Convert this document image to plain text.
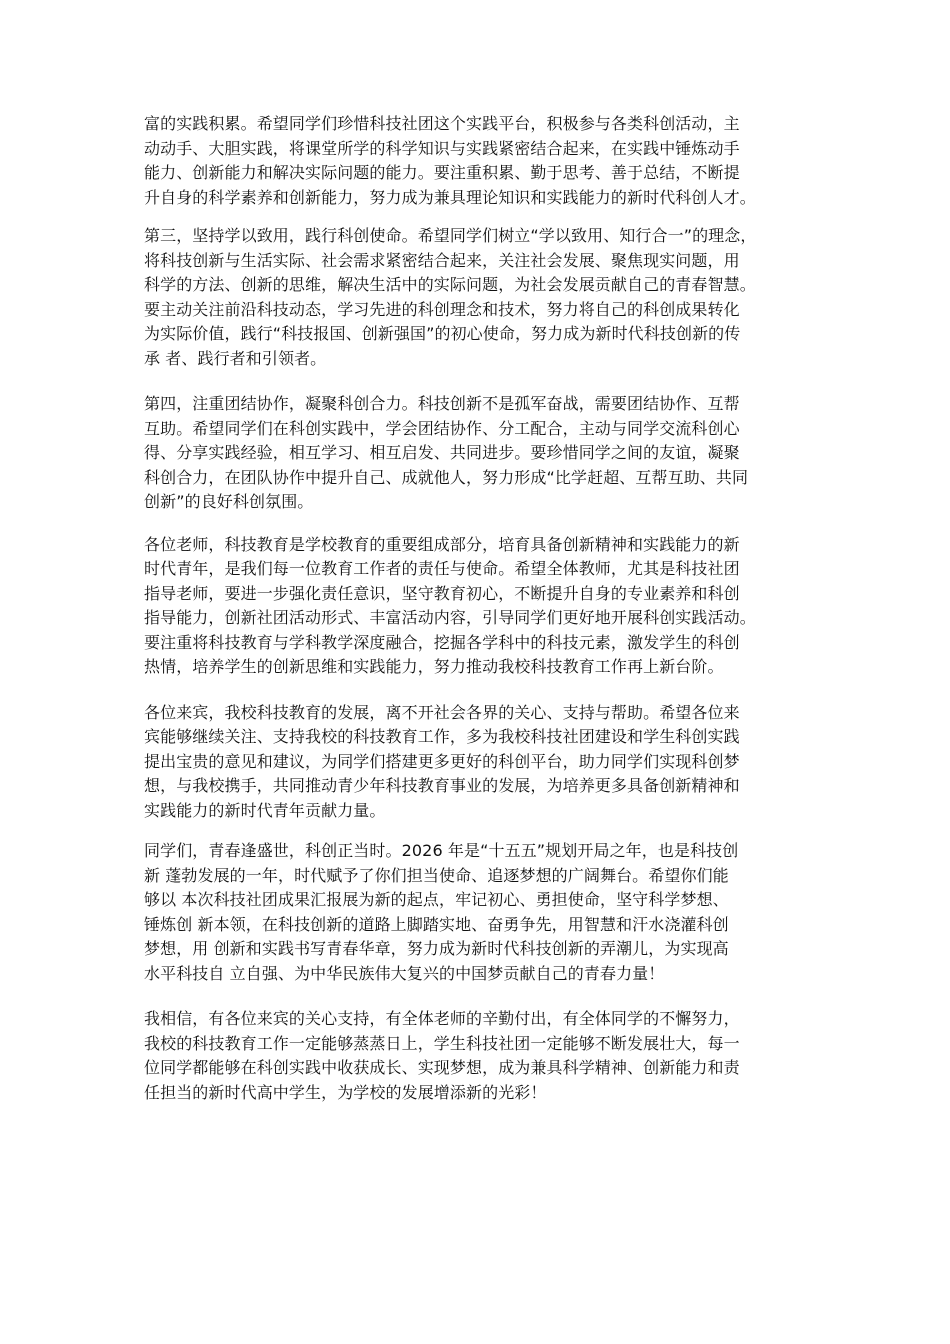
富的实践积累。希望同学们珍惜科技社团这个实践平台，积极参与各类科创活动，主
动动手、大胆实践，将课堂所学的科学知识与实践紧密结合起来，在实践中锤炼动手
能力、创新能力和解决实际问题的能力。要注重积累、勤于思考、善于总结，不断提
升自身的科学素养和创新能力，努力成为兼具理论知识和实践能力的新时代科创人才。
第三，坚持学以致用，践行科创使命。希望同学们树立“学以致用、知行合一”的理念，
将科技创新与生活实际、社会需求紧密结合起来，关注社会发展、聚焦现实问题，用
科学的方法、创新的思维，解决生活中的实际问题，为社会发展贡献自己的青春智慧。
要主动关注前沿科技动态，学习先进的科创理念和技术，努力将自己的科创成果转化
为实际价值，践行“科技报国、创新强国”的初心使命，努力成为新时代科技创新的传
承 者、践行者和引领者。
第四，注重团结协作，凝聚科创合力。科技创新不是孤军奋战，需要团结协作、互帮
互助。希望同学们在科创实践中，学会团结协作、分工配合，主动与同学交流科创心
得、分享实践经验，相互学习、相互启发、共同进步。要珍惜同学之间的友谊，凝聚
科创合力，在团队协作中提升自己、成就他人，努力形成“比学赶超、互帮互助、共同
创新”的良好科创氛围。
各位老师，科技教育是学校教育的重要组成部分，培育具备创新精神和实践能力的新
时代青年，是我们每一位教育工作者的责任与使命。希望全体教师，尤其是科技社团
指导老师，要进一步强化责任意识，坚守教育初心，不断提升自身的专业素养和科创
指导能力，创新社团活动形式、丰富活动内容，引导同学们更好地开展科创实践活动。
要注重将科技教育与学科教学深度融合，挖掘各学科中的科技元素，激发学生的科创
热情，培养学生的创新思维和实践能力，努力推动我校科技教育工作再上新台阶。
各位来宾，我校科技教育的发展，离不开社会各界的关心、支持与帮助。希望各位来
宾能够继续关注、支持我校的科技教育工作，多为我校科技社团建设和学生科创实践
提出宝贵的意见和建议，为同学们搭建更多更好的科创平台，助力同学们实现科创梦
想，与我校携手，共同推动青少年科技教育事业的发展，为培养更多具备创新精神和
实践能力的新时代青年贡献力量。
同学们，青春逢盛世，科创正当时。2026 年是“十五五”规划开局之年，也是科技创
新 蓬勃发展的一年，时代赋予了你们担当使命、追逐梦想的广阔舞台。希望你们能
够以 本次科技社团成果汇报展为新的起点，牢记初心、勇担使命，坚守科学梦想、
锤炼创 新本领，在科技创新的道路上脚踏实地、奋勇争先，用智慧和汗水浇灌科创
梦想，用 创新和实践书写青春华章，努力成为新时代科技创新的弄潮儿，为实现高
水平科技自 立自强、为中华民族伟大复兴的中国梦贡献自己的青春力量！
我相信，有各位来宾的关心支持，有全体老师的辛勤付出，有全体同学的不懈努力，
我校的科技教育工作一定能够蒸蒸日上，学生科技社团一定能够不断发展壮大，每一
位同学都能够在科创实践中收获成长、实现梦想，成为兼具科学精神、创新能力和责
任担当的新时代高中学生，为学校的发展增添新的光彩！
